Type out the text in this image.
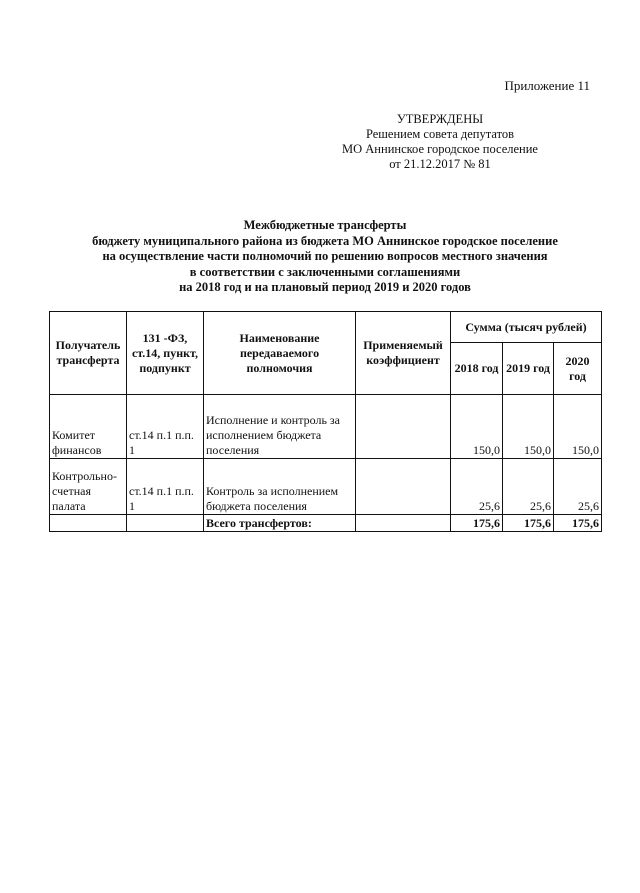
Приложение 11
УТВЕРЖДЕНЫ
Решением совета депутатов
МО Аннинское городское поселение
от 21.12.2017 № 81
Межбюджетные трансферты
бюджету муниципального района из бюджета МО Аннинское городское поселение
на осуществление части полномочий по решению вопросов местного значения
в соответствии с заключенными соглашениями
на 2018 год и на плановый период 2019 и 2020 годов
Получатель трансферта	131 -ФЗ, ст.14, пункт, подпункт	Наименование передаваемого полномочия	Применяемый коэффициент	Сумма (тысяч рублей)		
				2018 год	2019 год	2020 год
Комитет финансов	ст.14 п.1 п.п. 1	Исполнение и контроль за исполнением бюджета поселения		150,0	150,0	150,0
Контрольно-счетная палата	ст.14 п.1 п.п. 1	Контроль за исполнением бюджета поселения		25,6	25,6	25,6
		Всего трансфертов:		175,6	175,6	175,6
